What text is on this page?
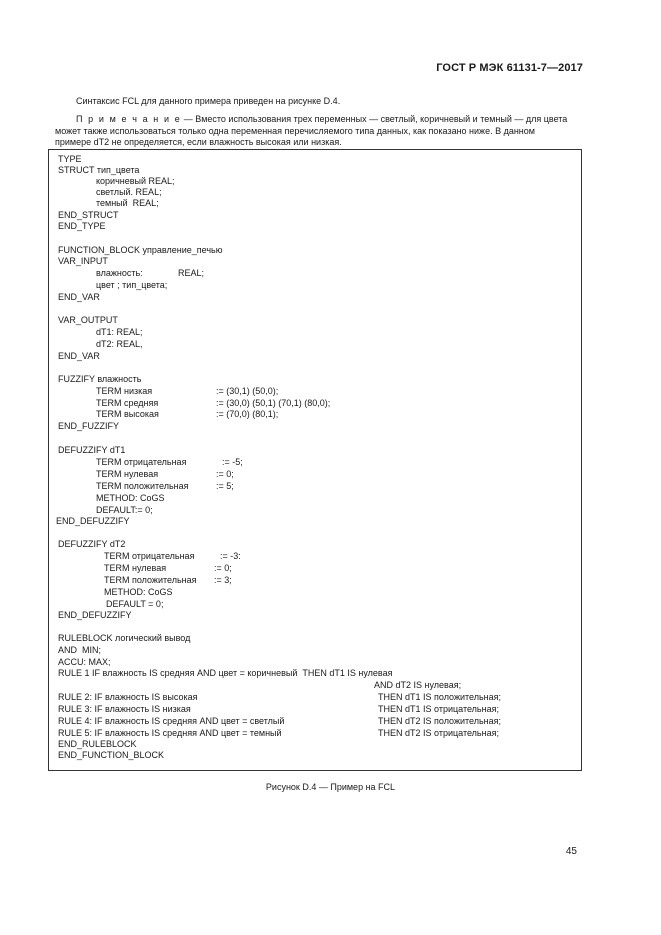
ГОСТ Р МЭК 61131-7—2017
Синтаксис FCL для данного примера приведен на рисунке D.4.
П р и м е ч а н и е — Вместо использования трех переменных — светлый, коричневый и темный — для цвета
может также использоваться только одна переменная перечисляемого типа данных, как показано ниже. В данном
примере dT2 не определяется, если влажность высокая или низкая.
TYPE
STRUCT тип_цвета
коричневый REAL;
светлый. REAL;
темный  REAL;
END_STRUCT
END_TYPE
FUNCTION_BLOCK управление_печью
VAR_INPUT
влажность:	REAL;
цвет ; тип_цвета;
END_VAR
VAR_OUTPUT
dT1: REAL;
dT2: REAL,
END_VAR
FUZZIFY влажность
TERM низкая	:= (30,1) (50,0);
TERM средняя	:= (30,0) (50,1) (70,1) (80,0);
TERM высокая	:= (70,0) (80,1);
END_FUZZIFY
DEFUZZIFY dT1
TERM отрицательная	:= -5;
TERM нулевая	:= 0;
TERM положительная	:= 5;
METHOD: CoGS
DEFAULT:= 0;
END_DEFUZZIFY
DEFUZZIFY dT2
TERM отрицательная	:= -3:
TERM нулевая	:= 0;
TERM положительная := 3;
METHOD: CoGS
DEFAULT = 0;
END_DEFUZZIFY
RULEBLOCK логический вывод
AND  MIN;
ACCU: MAX;
RULE 1 IF влажность IS средняя AND цвет = коричневый  THEN dT1 IS нулевая
AND dT2 IS нулевая;
RULE 2: IF влажность IS высокая	THEN dT1 IS положительная;
RULE 3: IF влажность IS низкая	THEN dT1 IS отрицательная;
RULE 4: IF влажность IS средняя AND цвет = светлый	THEN dT2 IS положительная;
RULE 5: IF влажность IS средняя AND цвет = темный	THEN dT2 IS отрицательная;
END_RULEBLOCK
END_FUNCTION_BLOCK
Рисунок D.4 — Пример на FCL
45
